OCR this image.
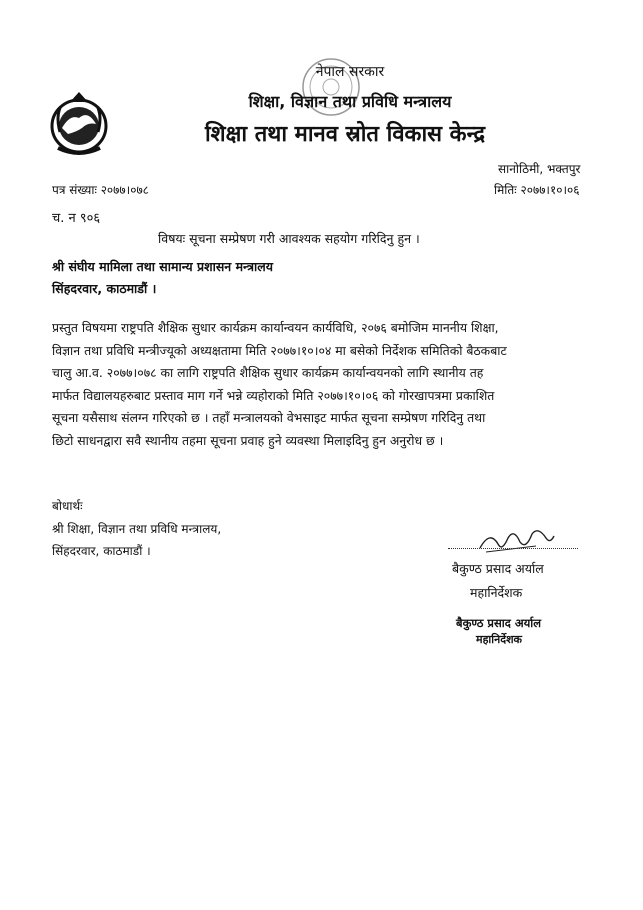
नेपाल सरकार
शिक्षा, विज्ञान तथा प्रविधि मन्त्रालय
शिक्षा तथा मानव स्रोत विकास केन्द्र
सानोठिमी, भक्तपुर
पत्र संख्याः २०७७।०७८	मितिः २०७७।१०।०६
च. न ९०६
विषयः सूचना सम्प्रेषण गरी आवश्यक सहयोग गरिदिनु हुन ।
श्री संघीय मामिला तथा सामान्य प्रशासन मन्त्रालय
सिंहदरवार, काठमाडौं ।
प्रस्तुत विषयमा राष्ट्रपति शैक्षिक सुधार कार्यक्रम कार्यान्वयन कार्यविधि, २०७६ बमोजिम माननीय शिक्षा,
विज्ञान तथा प्रविधि मन्त्रीज्यूको अध्यक्षतामा मिति २०७७।१०।०४ मा बसेको निर्देशक समितिको बैठकबाट
चालु आ.व. २०७७।०७८ का लागि राष्ट्रपति शैक्षिक सुधार कार्यक्रम कार्यान्वयनको लागि स्थानीय तह
मार्फत विद्यालयहरुबाट प्रस्ताव माग गर्ने भन्ने व्यहोराको मिति २०७७।१०।०६ को गोरखापत्रमा प्रकाशित
सूचना यसैसाथ संलग्न गरिएको छ । तहाँ मन्त्रालयको वेभसाइट मार्फत सूचना सम्प्रेषण गरिदिनु तथा
छिटो साधनद्वारा सवै स्थानीय तहमा सूचना प्रवाह हुने व्यवस्था मिलाइदिनु हुन अनुरोध छ ।
बोधार्थः
श्री शिक्षा, विज्ञान तथा प्रविधि मन्त्रालय,
सिंहदरवार, काठमाडौं ।
बैकुण्ठ प्रसाद अर्याल
महानिर्देशक
बैकुण्ठ प्रसाद अर्याल
महानिर्देशक
